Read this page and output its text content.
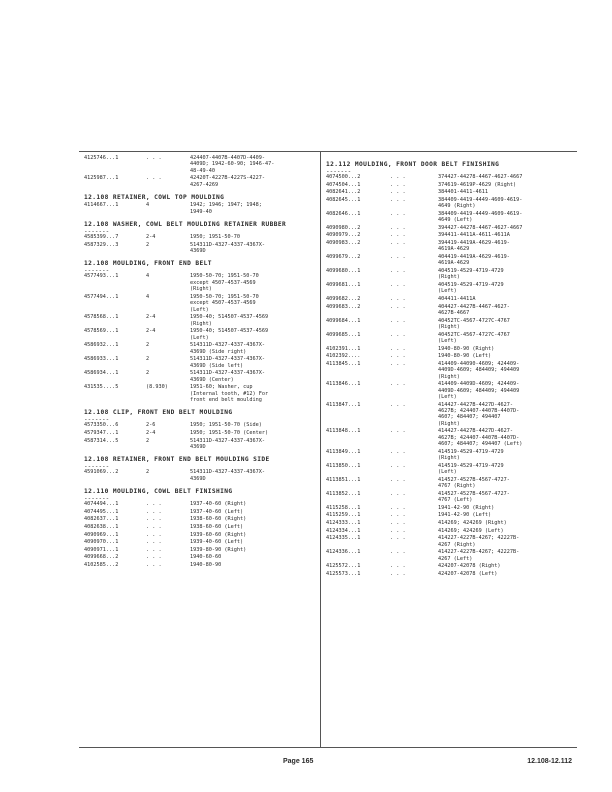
4125746...1	. . .	424407-4407B-4407D-4409-
4409D; 1942-60-90; 1946-47-
48-49-40
4125987...1	. . .	42420T-4227B-4227S-4227-
4267-4269
12.108 RETAINER, COWL TOP MOULDING
4114667...1	4	1942; 1946; 1947; 1948;
1949-40
12.108 WASHER, COWL BELT MOULDING RETAINER RUBBER
-------
4585399...7	2-4	1950; 1951-50-70
4587329...3	2	514311D-4327-4337-4367X-
4369D
12.108 MOULDING, FRONT END BELT
-------
4577493...1	4	1950-50-70; 1951-50-70
except 4507-4537-4569
(Right)
4577494...1	4	1950-50-70; 1951-50-70
except 4507-4537-4569
(Left)
4578568...1	2-4	1950-40; 514507-4537-4569
(Right)
4578569...1	2-4	1950-40; 514507-4537-4569
(Left)
4586932...1	2	514311D-4327-4337-4367X-
4369D (Side right)
4586933...1	2	514311D-4327-4337-4367X-
4369D (Side left)
4586934...1	2	514311D-4327-4337-4367X-
4369D (Center)
431535....5	(8.930)	1951-60; Washer, cup
(Internal tooth, #12) For
front end belt moulding
12.108 CLIP, FRONT END BELT MOULDING
-------
4573350...6	2-6	1950; 1951-50-70 (Side)
4579347...1	2-4	1950; 1951-50-70 (Center)
4587314...5	2	514311D-4327-4337-4367X-
4369D
12.108 RETAINER, FRONT END BELT MOULDING SIDE
-------
4591069...2	2	514311D-4327-4337-4367X-
4369D
12.110 MOULDING, COWL BELT FINISHING
-------
4074494...1	. . .	1937-40-60 (Right)
4074495...1	. . .	1937-40-60 (Left)
4082637...1	. . .	1938-60-60 (Right)
4082638...1	. . .	1938-60-60 (Left)
4090969...1	. . .	1939-60-60 (Right)
4090970...1	. . .	1939-40-60 (Left)
4090971...1	. . .	1939-80-90 (Right)
4099668...2	. . .	1940-60-60
4102585...2	. . .	1940-80-90
12.112 MOULDING, FRONT DOOR BELT FINISHING
-------
4074500...2	. . .	374427-44278-4467-4627-4667
4074504...1	. . .	374619-4619P-4629 (Right)
4082641...2	. . .	384401-4411-4611
4082645...1	. . .	384409-4419-4449-4609-4619-
4649 (Right)
4082646...1	. . .	384409-4419-4449-4609-4619-
4649 (Left)
4090980...2	. . .	394427-44278-4467-4627-4667
4090979...2	. . .	394411-4411A-4611-4611A
4090983...2	. . .	394419-4419A-4629-4619-
4619A-4629
4099679...2	. . .	404419-4419A-4629-4619-
4619A-4629
4099680...1	. . .	404519-4529-4719-4729
(Right)
4099681...1	. . .	404519-4529-4719-4729
(Left)
4099682...2	. . .	404411-4411A
4099683...2	. . .	404427-4427B-4467-4627-
4627B-4667
4099684...1	. . .	40452TC-4567-4727C-4767
(Right)
4099685...1	. . .	40452TC-4567-4727C-4767
(Left)
4102391...1	. . .	1940-80-90 (Right)
4102392....	. . .	1940-80-90 (Left)
4113845...1	. . .	414409-44090-4609; 424409-
4409D-4609; 484409; 494409
(Right)
4113846...1	. . .	414409-4409D-4609; 424409-
4409D-4609; 484409; 494409
(Left)
4113847...1	. . .	414427-4427B-4427D-4627-
4627B; 424407-4407B-4407D-
4607; 484407; 494407
(Right)
4113848...1	. . .	414427-4427B-4427D-4627-
4627B; 424407-4407B-4407D-
4607; 484407; 494407 (Left)
4113849...1	. . .	414519-4529-4719-4729
(Right)
4113850...1	. . .	414519-4529-4719-4729
(Left)
4113851...1	. . .	414527-4527B-4567-4727-
4767 (Right)
4113852...1	. . .	414527-4527B-4567-4727-
4767 (Left)
4115258...1	. . .	1941-42-90 (Right)
4115259...1	. . .	1941-42-90 (Left)
4124333...1	. . .	414269; 424269 (Right)
4124334...1	. . .	414269; 424269 (Left)
4124335...1	. . .	414227-4227B-4267; 42227B-
4267 (Right)
4124336...1	. . .	414227-4227B-4267; 42227B-
4267 (Left)
4125572...1	. . .	424207-42078 (Right)
4125573...1	. . .	424207-42078 (Left)
Page 165	12.108-12.112
